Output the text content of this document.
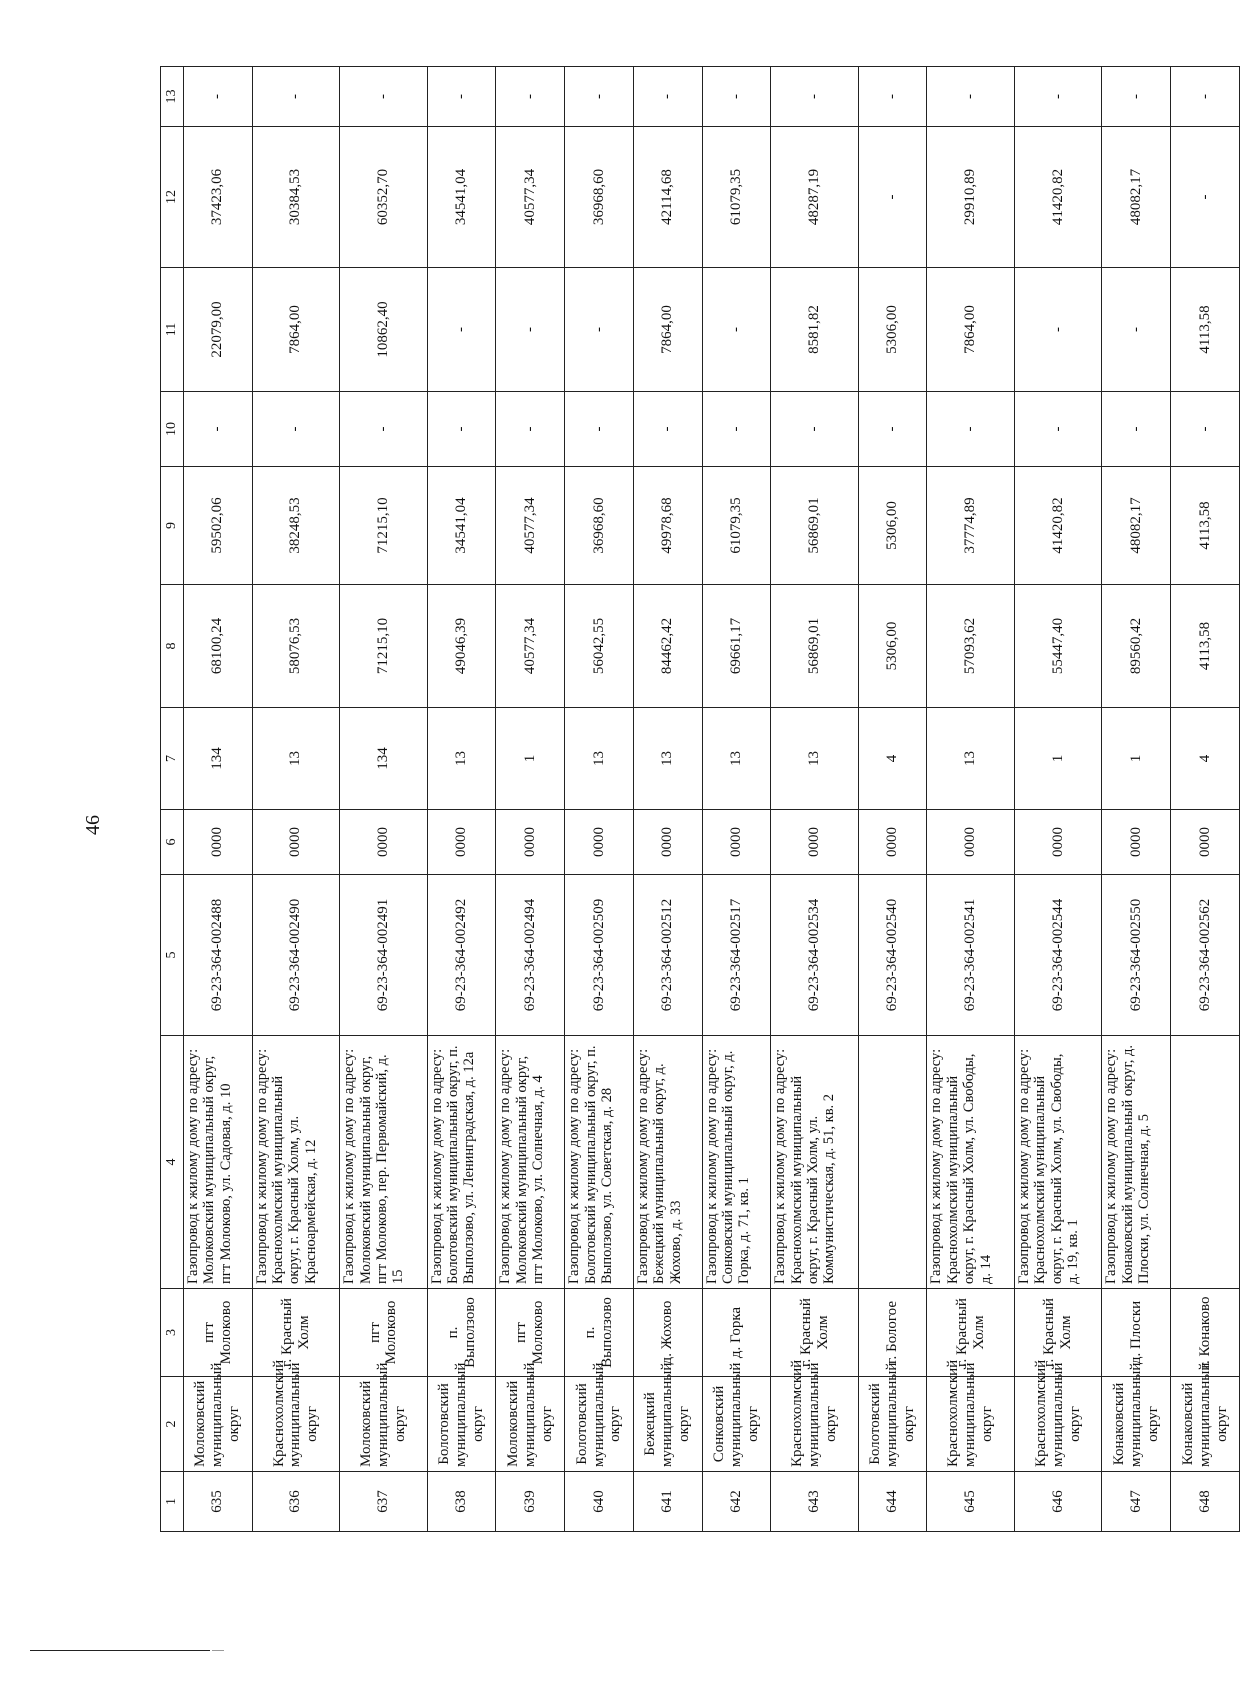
46
1	2	3	4	5	6	7	8	9	10	11	12	13
635	Молоковский муниципальный округ	пгт Молоково	Газопровод к жилому дому по адресу: Молоковский муниципальный округ, пгт Молоково, ул. Садовая, д. 10	69-23-364-002488	0000	134	68100,24	59502,06	-	22079,00	37423,06	-
636	Краснохолмский муниципальный округ	г. Красный Холм	Газопровод к жилому дому по адресу: Краснохолмский муниципальный округ, г. Красный Холм, ул. Красноармейская, д. 12	69-23-364-002490	0000	13	58076,53	38248,53	-	7864,00	30384,53	-
637	Молоковский муниципальный округ	пгт Молоково	Газопровод к жилому дому по адресу: Молоковский муниципальный округ, пгт Молоково, пер. Первомайский, д. 15	69-23-364-002491	0000	134	71215,10	71215,10	-	10862,40	60352,70	-
638	Болотовский муниципальный округ	п. Выползово	Газопровод к жилому дому по адресу: Болотовский муниципальный округ, п. Выползово, ул. Ленинградская, д. 12а	69-23-364-002492	0000	13	49046,39	34541,04	-	-	34541,04	-
639	Молоковский муниципальный округ	пгт Молоково	Газопровод к жилому дому по адресу: Молоковский муниципальный округ, пгт Молоково, ул. Солнечная, д. 4	69-23-364-002494	0000	1	40577,34	40577,34	-	-	40577,34	-
640	Болотовский муниципальный округ	п. Выползово	Газопровод к жилому дому по адресу: Болотовский муниципальный округ, п. Выползово, ул. Советская, д. 28	69-23-364-002509	0000	13	56042,55	36968,60	-	-	36968,60	-
641	Бежецкий муниципальный округ	д. Жохово	Газопровод к жилому дому по адресу: Бежецкий муниципальный округ, д. Жохово, д. 33	69-23-364-002512	0000	13	84462,42	49978,68	-	7864,00	42114,68	-
642	Сонковский муниципальный округ	д. Горка	Газопровод к жилому дому по адресу: Сонковский муниципальный округ, д. Горка, д. 71, кв. 1	69-23-364-002517	0000	13	69661,17	61079,35	-	-	61079,35	-
643	Краснохолмский муниципальный округ	г. Красный Холм	Газопровод к жилому дому по адресу: Краснохолмский муниципальный округ, г. Красный Холм, ул. Коммунистическая, д. 51, кв. 2	69-23-364-002534	0000	13	56869,01	56869,01	-	8581,82	48287,19	-
644	Болотовский муниципальный округ	г. Бологое		69-23-364-002540	0000	4	5306,00	5306,00	-	5306,00	-	-
645	Краснохолмский муниципальный округ	г. Красный Холм	Газопровод к жилому дому по адресу: Краснохолмский муниципальный округ, г. Красный Холм, ул. Свободы, д. 14	69-23-364-002541	0000	13	57093,62	37774,89	-	7864,00	29910,89	-
646	Краснохолмский муниципальный округ	г. Красный Холм	Газопровод к жилому дому по адресу: Краснохолмский муниципальный округ, г. Красный Холм, ул. Свободы, д. 19, кв. 1	69-23-364-002544	0000	1	55447,40	41420,82	-	-	41420,82	-
647	Конаковский муниципальный округ	д. Плоски	Газопровод к жилому дому по адресу: Конаковский муниципальный округ, д. Плоски, ул. Солнечная, д. 5	69-23-364-002550	0000	1	89560,42	48082,17	-	-	48082,17	-
648	Конаковский муниципальный округ	г. Конаково		69-23-364-002562	0000	4	4113,58	4113,58	-	4113,58	-	-
